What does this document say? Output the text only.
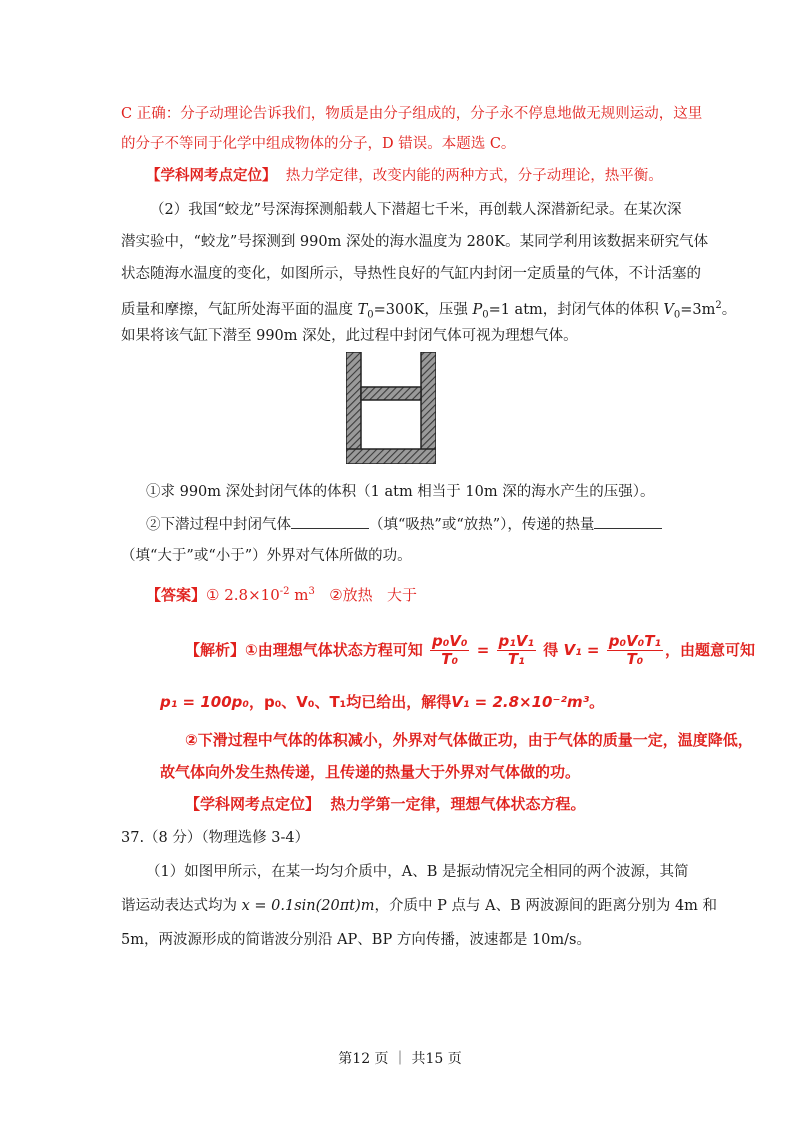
C 正确：分子动理论告诉我们，物质是由分子组成的，分子永不停息地做无规则运动，这里
的分子不等同于化学中组成物体的分子，D 错误。本题选 C。
【学科网考点定位】 热力学定律，改变内能的两种方式，分子动理论，热平衡。
（2）我国“蛟龙”号深海探测船载人下潜超七千米，再创载人深潜新纪录。在某次深
潜实验中，“蛟龙”号探测到 990m 深处的海水温度为 280K。某同学利用该数据来研究气体
状态随海水温度的变化，如图所示，导热性良好的气缸内封闭一定质量的气体，不计活塞的
质量和摩擦，气缸所处海平面的温度 $T_0=300K$，压强 $P_0=1$ atm，封闭气体的体积 $V_0=3m^2$。
如果将该气缸下潜至 990m 深处，此过程中封闭气体可视为理想气体。
①求 990m 深处封闭气体的体积（1 atm 相当于 10m 深的海水产生的压强）。
②下潜过程中封闭气体	（填“吸热”或“放热”），传递的热量
（填“大于”或“小于”）外界对气体所做的功。
【答案】① $2.8\times 10^{-2}$ $m^3$ ②放热 大于
【解析】①由理想气体状态方程可知 $\frac{\text{p₀V₀}}{\text{T₀}} = \frac{\text{p₁V₁}}{\text{T₁}}$ 得 $V_1 = \frac{\text{p₀V₀T₁}}{\text{T₀}}$ ，由题意可知
p₁ = 100p₀，p₀、V₀、T₁均已给出，解得V₁ = 2.8×10⁻²m³。
②下滑过程中气体的体积减小，外界对气体做正功，由于气体的质量一定，温度降低，
故气体向外发生热传递，且传递的热量大于外界对气体做的功。
【学科网考点定位】 热力学第一定律，理想气体状态方程。
37.（8 分）（物理选修 3-4）
（1）如图甲所示，在某一均匀介质中，A、B 是振动情况完全相同的两个波源，其简
谐运动表达式均为 x = 0.1sin(20πt)m，介质中 P 点与 A、B 两波源间的距离分别为 4m 和
5m，两波源形成的简谐波分别沿 AP、BP 方向传播，波速都是 10m/s。
第12 页 ｜ 共15 页
